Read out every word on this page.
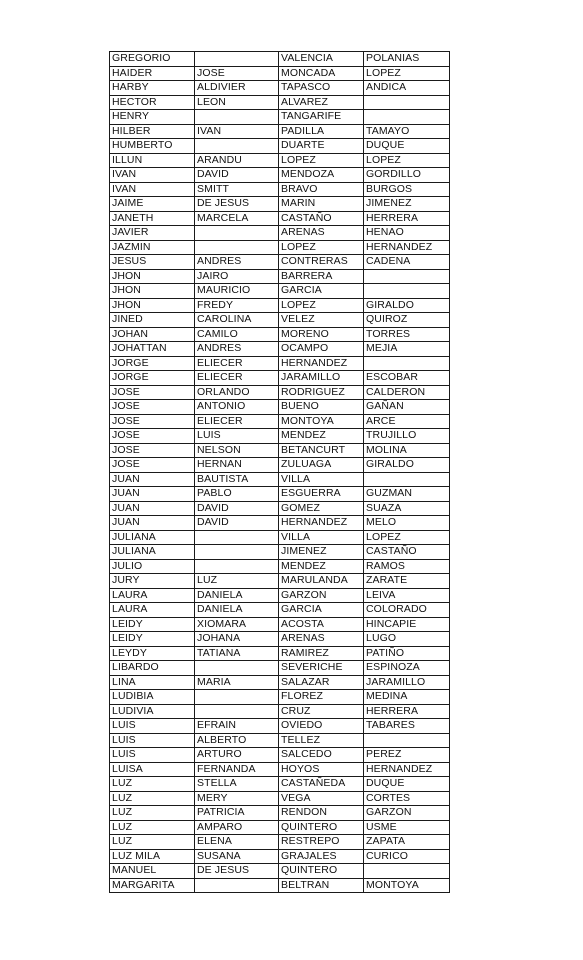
GREGORIO		VALENCIA	POLANIAS
HAIDER	JOSE	MONCADA	LOPEZ
HARBY	ALDIVIER	TAPASCO	ANDICA
HECTOR	LEON	ALVAREZ	
HENRY		TANGARIFE	
HILBER	IVAN	PADILLA	TAMAYO
HUMBERTO		DUARTE	DUQUE
ILLUN	ARANDU	LOPEZ	LOPEZ
IVAN	DAVID	MENDOZA	GORDILLO
IVAN	SMITT	BRAVO	BURGOS
JAIME	DE JESUS	MARIN	JIMENEZ
JANETH	MARCELA	CASTAÑO	HERRERA
JAVIER		ARENAS	HENAO
JAZMIN		LOPEZ	HERNANDEZ
JESUS	ANDRES	CONTRERAS	CADENA
JHON	JAIRO	BARRERA	
JHON	MAURICIO	GARCIA	
JHON	FREDY	LOPEZ	GIRALDO
JINED	CAROLINA	VELEZ	QUIROZ
JOHAN	CAMILO	MORENO	TORRES
JOHATTAN	ANDRES	OCAMPO	MEJIA
JORGE	ELIECER	HERNANDEZ	
JORGE	ELIECER	JARAMILLO	ESCOBAR
JOSE	ORLANDO	RODRIGUEZ	CALDERON
JOSE	ANTONIO	BUENO	GAÑAN
JOSE	ELIECER	MONTOYA	ARCE
JOSE	LUIS	MENDEZ	TRUJILLO
JOSE	NELSON	BETANCURT	MOLINA
JOSE	HERNAN	ZULUAGA	GIRALDO
JUAN	BAUTISTA	VILLA	
JUAN	PABLO	ESGUERRA	GUZMAN
JUAN	DAVID	GOMEZ	SUAZA
JUAN	DAVID	HERNANDEZ	MELO
JULIANA		VILLA	LOPEZ
JULIANA		JIMENEZ	CASTAÑO
JULIO		MENDEZ	RAMOS
JURY	LUZ	MARULANDA	ZARATE
LAURA	DANIELA	GARZON	LEIVA
LAURA	DANIELA	GARCIA	COLORADO
LEIDY	XIOMARA	ACOSTA	HINCAPIE
LEIDY	JOHANA	ARENAS	LUGO
LEYDY	TATIANA	RAMIREZ	PATIÑO
LIBARDO		SEVERICHE	ESPINOZA
LINA	MARIA	SALAZAR	JARAMILLO
LUDIBIA		FLOREZ	MEDINA
LUDIVIA		CRUZ	HERRERA
LUIS	EFRAIN	OVIEDO	TABARES
LUIS	ALBERTO	TELLEZ	
LUIS	ARTURO	SALCEDO	PEREZ
LUISA	FERNANDA	HOYOS	HERNANDEZ
LUZ	STELLA	CASTAÑEDA	DUQUE
LUZ	MERY	VEGA	CORTES
LUZ	PATRICIA	RENDON	GARZON
LUZ	AMPARO	QUINTERO	USME
LUZ	ELENA	RESTREPO	ZAPATA
LUZ MILA	SUSANA	GRAJALES	CURICO
MANUEL	DE JESUS	QUINTERO	
MARGARITA		BELTRAN	MONTOYA
